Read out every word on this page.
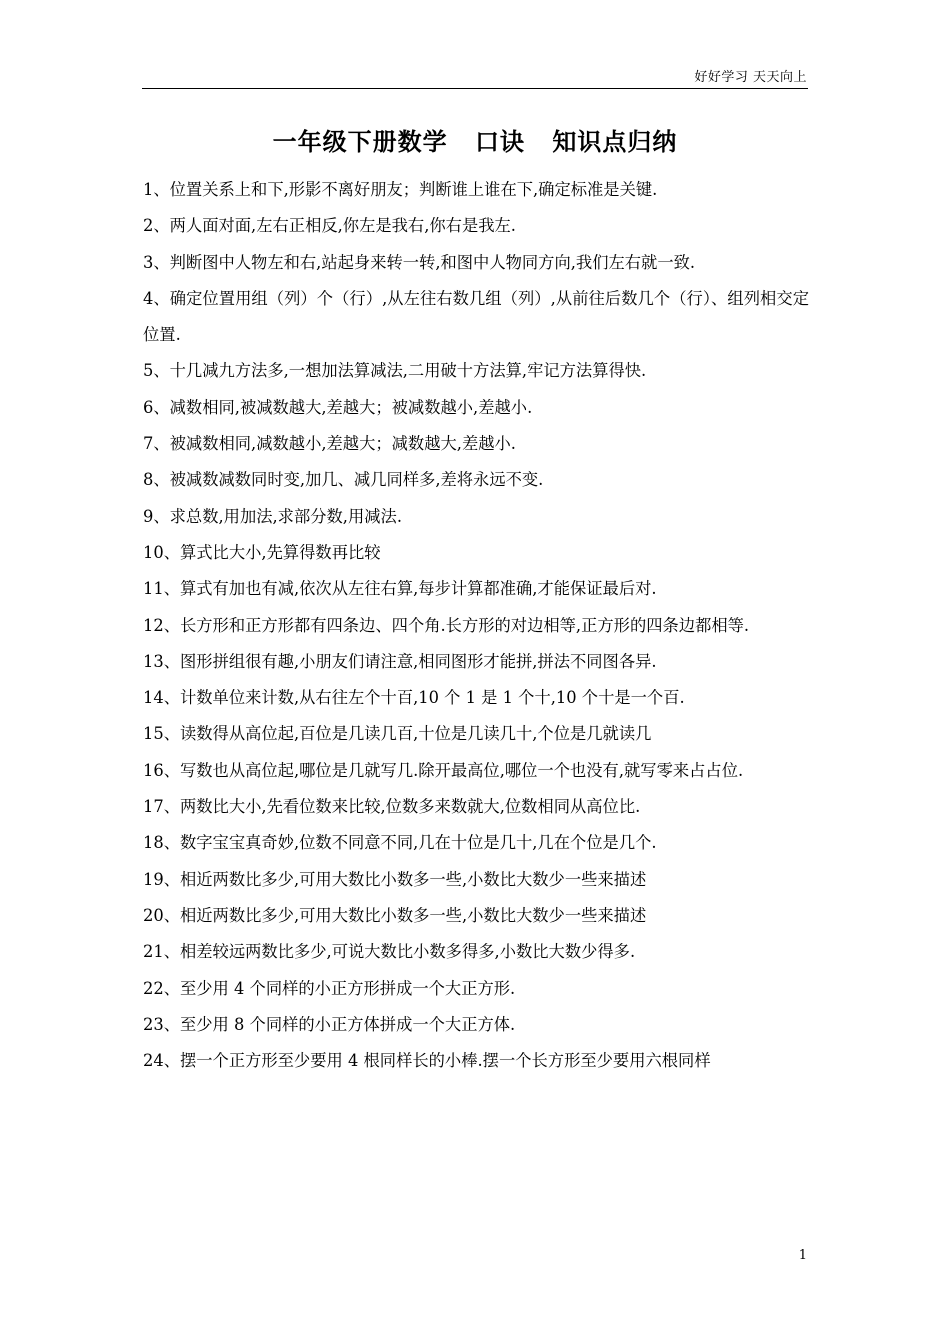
好好学习 天天向上
一年级下册数学 口诀 知识点归纳

1、位置关系上和下,形影不离好朋友；判断谁上谁在下,确定标准是关键.

2、两人面对面,左右正相反,你左是我右,你右是我左.

3、判断图中人物左和右,站起身来转一转,和图中人物同方向,我们左右就一致.

4、确定位置用组（列）个（行）,从左往右数几组（列）,从前往后数几个（行）、组列相交定位置.

5、十几减九方法多,一想加法算减法,二用破十方法算,牢记方法算得快.

6、减数相同,被减数越大,差越大；被减数越小,差越小.

7、被减数相同,减数越小,差越大；减数越大,差越小.

8、被减数减数同时变,加几、减几同样多,差将永远不变.

9、求总数,用加法,求部分数,用减法.

10、算式比大小,先算得数再比较

11、算式有加也有减,依次从左往右算,每步计算都准确,才能保证最后对.

12、长方形和正方形都有四条边、四个角.长方形的对边相等,正方形的四条边都相等.

13、图形拼组很有趣,小朋友们请注意,相同图形才能拼,拼法不同图各异.

14、计数单位来计数,从右往左个十百,10 个 1 是 1 个十,10 个十是一个百.

15、读数得从高位起,百位是几读几百,十位是几读几十,个位是几就读几

16、写数也从高位起,哪位是几就写几.除开最高位,哪位一个也没有,就写零来占占位.

17、两数比大小,先看位数来比较,位数多来数就大,位数相同从高位比.

18、数字宝宝真奇妙,位数不同意不同,几在十位是几十,几在个位是几个.

19、相近两数比多少,可用大数比小数多一些,小数比大数少一些来描述

20、相近两数比多少,可用大数比小数多一些,小数比大数少一些来描述

21、相差较远两数比多少,可说大数比小数多得多,小数比大数少得多.

22、至少用 4 个同样的小正方形拼成一个大正方形.

23、至少用 8 个同样的小正方体拼成一个大正方体.

24、摆一个正方形至少要用 4 根同样长的小棒.摆一个长方形至少要用六根同样

1
